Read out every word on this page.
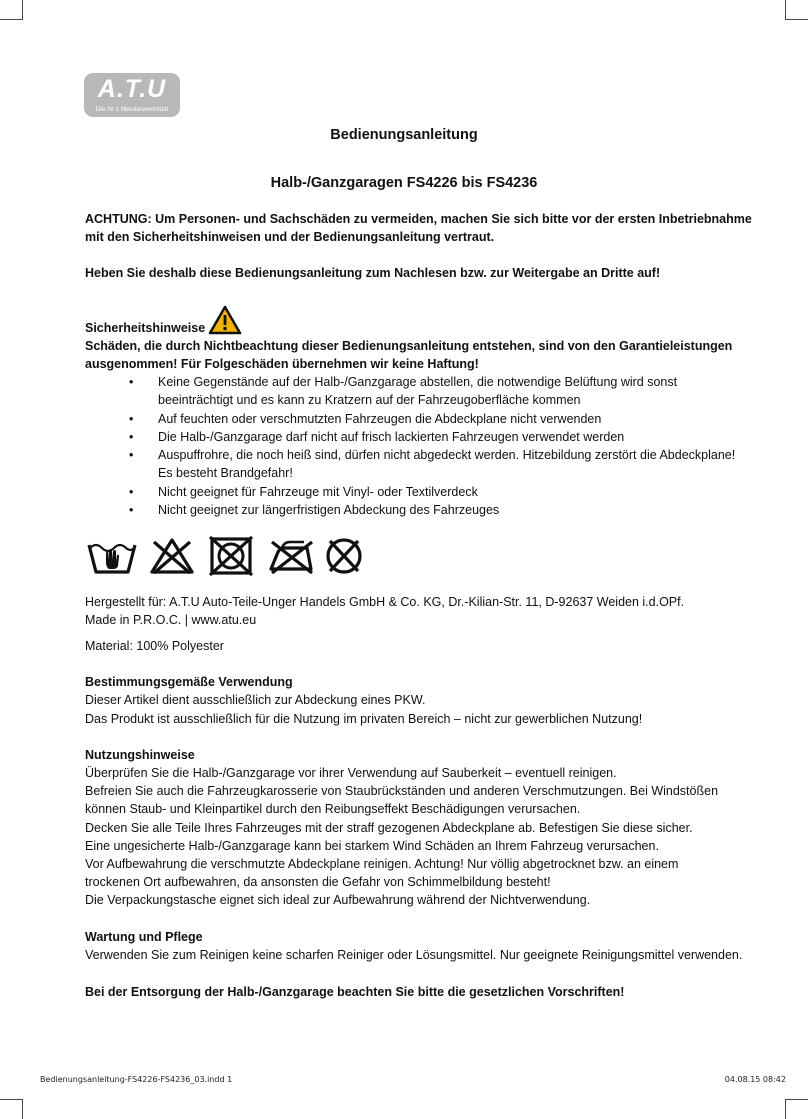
A.T.U
Die Nr.1 Meisterwerkstatt
Bedienungsanleitung
Halb-/Ganzgaragen FS4226 bis FS4236
ACHTUNG: Um Personen- und Sachschäden zu vermeiden, machen Sie sich bitte vor der ersten Inbetriebnahme
mit den Sicherheitshinweisen und der Bedienungsanleitung vertraut.
Heben Sie deshalb diese Bedienungsanleitung zum Nachlesen bzw. zur Weitergabe an Dritte auf!
Sicherheitshinweise
Schäden, die durch Nichtbeachtung dieser Bedienungsanleitung entstehen, sind von den Garantieleistungen
ausgenommen! Für Folgeschäden übernehmen wir keine Haftung!
• Keine Gegenstände auf der Halb-/Ganzgarage abstellen, die notwendige Belüftung wird sonst
beeinträchtigt und es kann zu Kratzern auf der Fahrzeugoberfläche kommen
• Auf feuchten oder verschmutzten Fahrzeugen die Abdeckplane nicht verwenden
• Die Halb-/Ganzgarage darf nicht auf frisch lackierten Fahrzeugen verwendet werden
• Auspuffrohre, die noch heiß sind, dürfen nicht abgedeckt werden. Hitzebildung zerstört die Abdeckplane!
Es besteht Brandgefahr!
• Nicht geeignet für Fahrzeuge mit Vinyl- oder Textilverdeck
• Nicht geeignet zur längerfristigen Abdeckung des Fahrzeuges
Hergestellt für: A.T.U Auto-Teile-Unger Handels GmbH & Co. KG, Dr.-Kilian-Str. 11, D-92637 Weiden i.d.OPf.
Made in P.R.O.C. | www.atu.eu
Material: 100% Polyester
Bestimmungsgemäße Verwendung
Dieser Artikel dient ausschließlich zur Abdeckung eines PKW.
Das Produkt ist ausschließlich für die Nutzung im privaten Bereich – nicht zur gewerblichen Nutzung!
Nutzungshinweise
Überprüfen Sie die Halb-/Ganzgarage vor ihrer Verwendung auf Sauberkeit – eventuell reinigen.
Befreien Sie auch die Fahrzeugkarosserie von Staubrückständen und anderen Verschmutzungen. Bei Windstößen
können Staub- und Kleinpartikel durch den Reibungseffekt Beschädigungen verursachen.
Decken Sie alle Teile Ihres Fahrzeuges mit der straff gezogenen Abdeckplane ab. Befestigen Sie diese sicher.
Eine ungesicherte Halb-/Ganzgarage kann bei starkem Wind Schäden an Ihrem Fahrzeug verursachen.
Vor Aufbewahrung die verschmutzte Abdeckplane reinigen. Achtung! Nur völlig abgetrocknet bzw. an einem
trockenen Ort aufbewahren, da ansonsten die Gefahr von Schimmelbildung besteht!
Die Verpackungstasche eignet sich ideal zur Aufbewahrung während der Nichtverwendung.
Wartung und Pflege
Verwenden Sie zum Reinigen keine scharfen Reiniger oder Lösungsmittel. Nur geeignete Reinigungsmittel verwenden.
Bei der Entsorgung der Halb-/Ganzgarage beachten Sie bitte die gesetzlichen Vorschriften!
Bedienungsanleitung-FS4226-FS4236_03.indd 1	04.08.15 08:42
